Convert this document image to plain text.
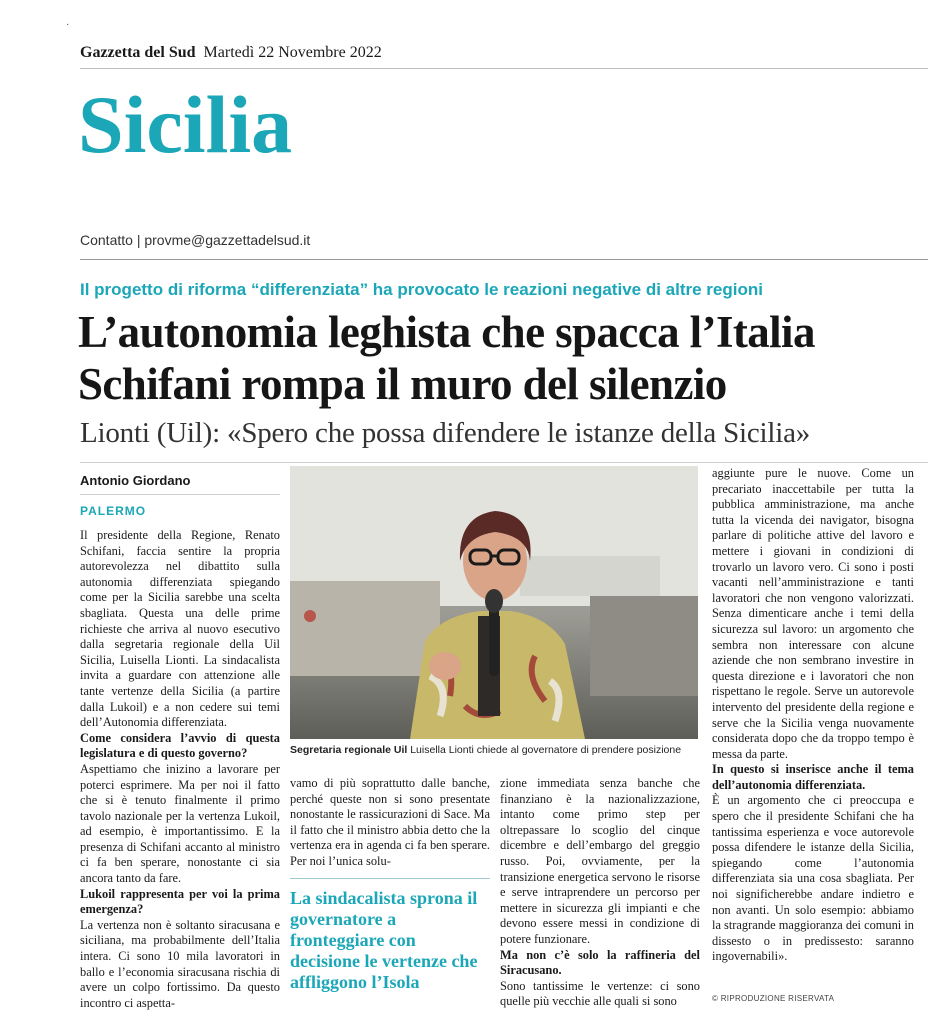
·
Gazzetta del Sud Martedì 22 Novembre 2022
Sicilia
Contatto | provme@gazzettadelsud.it
Il progetto di riforma “differenziata” ha provocato le reazioni negative di altre regioni
L’autonomia leghista che spacca l’Italia
Schifani rompa il muro del silenzio
Lionti (Uil): «Spero che possa difendere le istanze della Sicilia»
Antonio Giordano
PALERMO

Il presidente della Regione, Renato Schifani, faccia sentire la propria autorevolezza nel dibattito sulla autonomia differenziata spiegando come per la Sicilia sarebbe una scelta sbagliata. Questa una delle prime richieste che arriva al nuovo esecutivo dalla segretaria regionale della Uil Sicilia, Luisella Lionti. La sindacalista invita a guardare con attenzione alle tante vertenze della Sicilia (a partire dalla Lukoil) e a non cedere sui temi dell’Autonomia differenziata.

Come considera l’avvio di questa legislatura e di questo governo?

Aspettiamo che inizino a lavorare per poterci esprimere. Ma per noi il fatto che si è tenuto finalmente il primo tavolo nazionale per la vertenza Lukoil, ad esempio, è importantissimo. E la presenza di Schifani accanto al ministro ci fa ben sperare, nonostante ci sia ancora tanto da fare.

Lukoil rappresenta per voi la prima emergenza?

La vertenza non è soltanto siracusana e siciliana, ma probabilmente dell’Italia intera. Ci sono 10 mila lavoratori in ballo e l’economia siracusana rischia di avere un colpo fortissimo. Da questo incontro ci aspetta-

Segretaria regionale Uil Luisella Lionti chiede al governatore di prendere posizione

vamo di più soprattutto dalle banche, perché queste non si sono presentate nonostante le rassicurazioni di Sace. Ma il fatto che il ministro abbia detto che la vertenza era in agenda ci fa ben sperare. Per noi l’unica solu-

La sindacalista sprona il governatore a fronteggiare con decisione le vertenze che affliggono l’Isola

zione immediata senza banche che finanziano è la nazionalizzazione, intanto come primo step per oltrepassare lo scoglio del cinque dicembre e dell’embargo del greggio russo. Poi, ovviamente, per la transizione energetica servono le risorse e serve intraprendere un percorso per mettere in sicurezza gli impianti e che devono essere messi in condizione di potere funzionare.

Ma non c’è solo la raffineria del Siracusano.

Sono tantissime le vertenze: ci sono quelle più vecchie alle quali si sono

aggiunte pure le nuove. Come un precariato inaccettabile per tutta la pubblica amministrazione, ma anche tutta la vicenda dei navigator, bisogna parlare di politiche attive del lavoro e mettere i giovani in condizioni di trovarlo un lavoro vero. Ci sono i posti vacanti nell’amministrazione e tanti lavoratori che non vengono valorizzati. Senza dimenticare anche i temi della sicurezza sul lavoro: un argomento che sembra non interessare con alcune aziende che non sembrano investire in questa direzione e i lavoratori che non rispettano le regole. Serve un autorevole intervento del presidente della regione e serve che la Sicilia venga nuovamente considerata dopo che da troppo tempo è messa da parte.

In questo si inserisce anche il tema dell’autonomia differenziata.

È un argomento che ci preoccupa e spero che il presidente Schifani che ha tantissima esperienza e voce autorevole possa difendere le istanze della Sicilia, spiegando come l’autonomia differenziata sia una cosa sbagliata. Per noi significherebbe andare indietro e non avanti. Un solo esempio: abbiamo la stragrande maggioranza dei comuni in dissesto o in predissesto: saranno ingovernabili».

© RIPRODUZIONE RISERVATA
